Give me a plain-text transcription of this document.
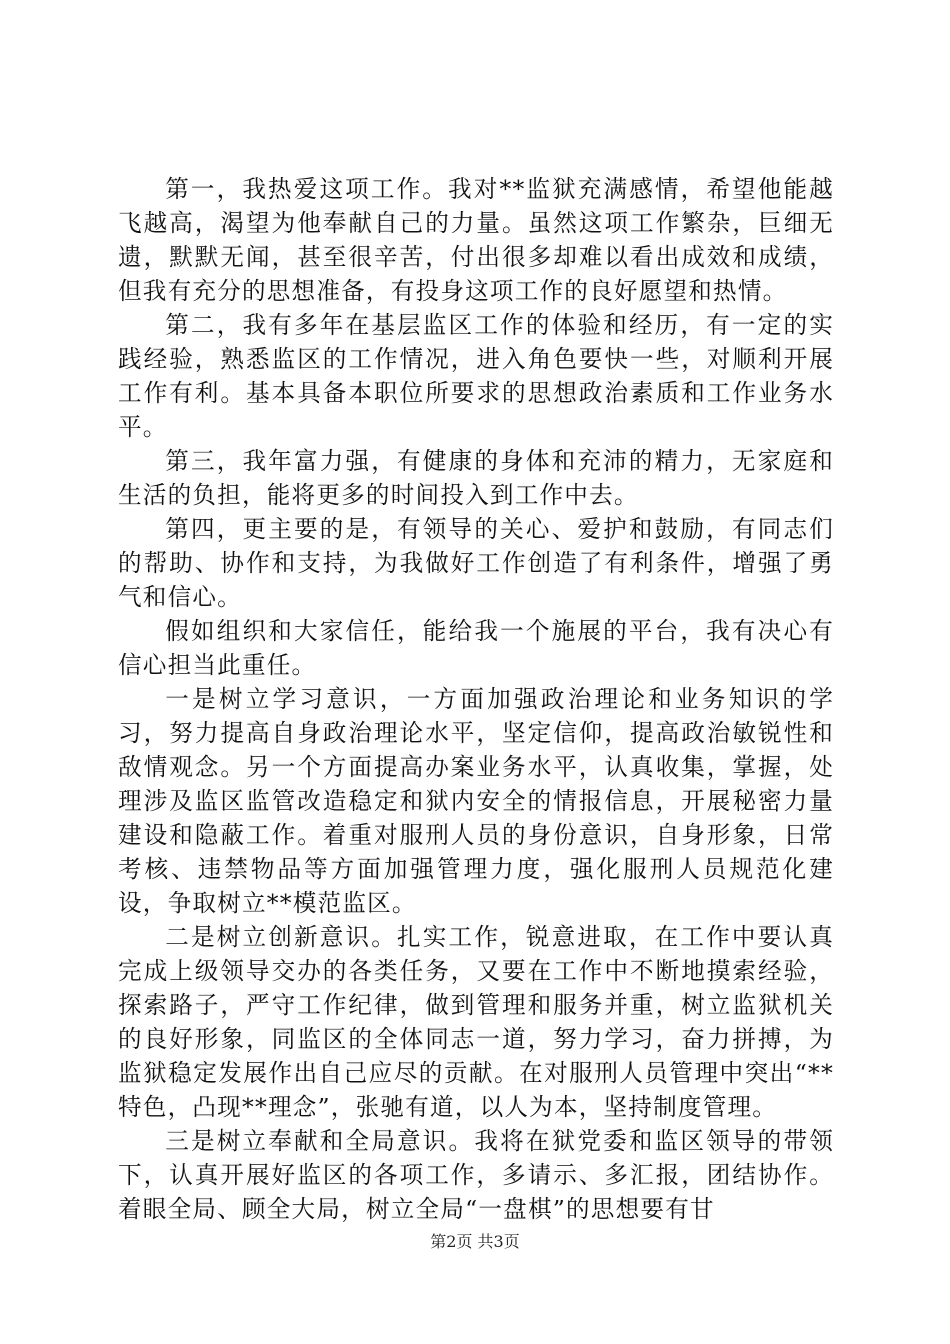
第一，我热爱这项工作。我对**监狱充满感情，希望他能越飞越高，渴望为他奉献自己的力量。虽然这项工作繁杂，巨细无遗，默默无闻，甚至很辛苦，付出很多却难以看出成效和成绩，但我有充分的思想准备，有投身这项工作的良好愿望和热情。

第二，我有多年在基层监区工作的体验和经历，有一定的实践经验，熟悉监区的工作情况，进入角色要快一些，对顺利开展工作有利。基本具备本职位所要求的思想政治素质和工作业务水平。

第三，我年富力强，有健康的身体和充沛的精力，无家庭和生活的负担，能将更多的时间投入到工作中去。

第四，更主要的是，有领导的关心、爱护和鼓励，有同志们的帮助、协作和支持，为我做好工作创造了有利条件，增强了勇气和信心。

假如组织和大家信任，能给我一个施展的平台，我有决心有信心担当此重任。

一是树立学习意识，一方面加强政治理论和业务知识的学习，努力提高自身政治理论水平，坚定信仰，提高政治敏锐性和敌情观念。另一个方面提高办案业务水平，认真收集，掌握，处理涉及监区监管改造稳定和狱内安全的情报信息，开展秘密力量建设和隐蔽工作。着重对服刑人员的身份意识，自身形象，日常考核、违禁物品等方面加强管理力度，强化服刑人员规范化建设，争取树立**模范监区。

二是树立创新意识。扎实工作，锐意进取，在工作中要认真完成上级领导交办的各类任务，又要在工作中不断地摸索经验，探索路子，严守工作纪律，做到管理和服务并重，树立监狱机关的良好形象，同监区的全体同志一道，努力学习，奋力拼搏，为监狱稳定发展作出自己应尽的贡献。在对服刑人员管理中突出“**特色，凸现**理念”，张驰有道，以人为本，坚持制度管理。

三是树立奉献和全局意识。我将在狱党委和监区领导的带领下，认真开展好监区的各项工作，多请示、多汇报，团结协作。着眼全局、顾全大局，树立全局“一盘棋”的思想要有甘

第2页 共3页
